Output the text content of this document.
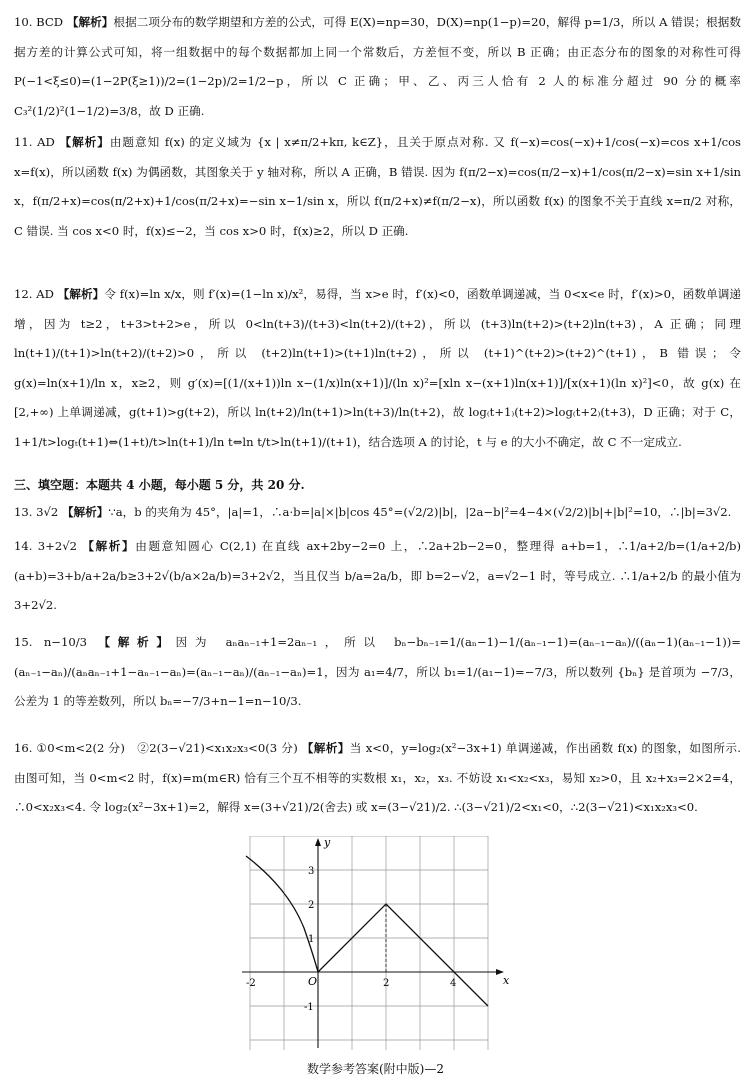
10. BCD 【解析】根据二项分布的数学期望和方差的公式，可得 E(X)=np=30，D(X)=np(1−p)=20，解得 p=1/3，所以 A 错误；根据数据方差的计算公式可知，将一组数据中的每个数据都加上同一个常数后，方差恒不变，所以 B 正确；由正态分布的图象的对称性可得 P(−1<ξ≤0)=(1−2P(ξ≥1))/2=(1−2p)/2=1/2−p，所以 C 正确；甲、乙、丙三人恰有 2 人的标准分超过 90 分的概率 C₃²(1/2)²(1−1/2)=3/8，故 D 正确.
11. AD 【解析】由题意知 f(x) 的定义域为 {x | x≠π/2+kπ, k∈Z}，且关于原点对称. 又 f(−x)=cos(−x)+1/cos(−x)=cos x+1/cos x=f(x)，所以函数 f(x) 为偶函数，其图象关于 y 轴对称，所以 A 正确，B 错误. 因为 f(π/2−x)=cos(π/2−x)+1/cos(π/2−x)=sin x+1/sin x，f(π/2+x)=cos(π/2+x)+1/cos(π/2+x)=−sin x−1/sin x，所以 f(π/2+x)≠f(π/2−x)，所以函数 f(x) 的图象不关于直线 x=π/2 对称，C 错误. 当 cos x<0 时，f(x)≤−2，当 cos x>0 时，f(x)≥2，所以 D 正确.
12. AD 【解析】令 f(x)=ln x/x，则 f′(x)=(1−ln x)/x²，易得，当 x>e 时，f′(x)<0，函数单调递减，当 0<x<e 时，f′(x)>0，函数单调递增，因为 t≥2，t+3>t+2>e，所以 0<ln(t+3)/(t+3)<ln(t+2)/(t+2)，所以 (t+3)ln(t+2)>(t+2)ln(t+3)，A 正确；同理 ln(t+1)/(t+1)>ln(t+2)/(t+2)>0，所以 (t+2)ln(t+1)>(t+1)ln(t+2)，所以 (t+1)^(t+2)>(t+2)^(t+1)，B 错误；令 g(x)=ln(x+1)/ln x，x≥2，则 g′(x)=[(1/(x+1))ln x−(1/x)ln(x+1)]/(ln x)²=[xln x−(x+1)ln(x+1)]/[x(x+1)(ln x)²]<0，故 g(x) 在 [2,+∞) 上单调递减，g(t+1)>g(t+2)，所以 ln(t+2)/ln(t+1)>ln(t+3)/ln(t+2)，故 log₍t+1₎(t+2)>log₍t+2₎(t+3)，D 正确；对于 C，1+1/t>logₜ(t+1)⇔(1+t)/t>ln(t+1)/ln t⇔ln t/t>ln(t+1)/(t+1)，结合选项 A 的讨论，t 与 e 的大小不确定，故 C 不一定成立.
三、填空题：本题共 4 小题，每小题 5 分，共 20 分.
13. 3√2 【解析】∵a，b 的夹角为 45°，|a|=1，∴a·b=|a|×|b|cos 45°=(√2/2)|b|，|2a−b|²=4−4×(√2/2)|b|+|b|²=10，∴|b|=3√2.
14. 3+2√2 【解析】由题意知圆心 C(2,1) 在直线 ax+2by−2=0 上，∴2a+2b−2=0，整理得 a+b=1，∴1/a+2/b=(1/a+2/b)(a+b)=3+b/a+2a/b≥3+2√(b/a×2a/b)=3+2√2，当且仅当 b/a=2a/b，即 b=2−√2，a=√2−1 时，等号成立. ∴1/a+2/b 的最小值为 3+2√2.
15. n−10/3 【解析】因为 aₙaₙ₋₁+1=2aₙ₋₁，所以 bₙ−bₙ₋₁=1/(aₙ−1)−1/(aₙ₋₁−1)=(aₙ₋₁−aₙ)/((aₙ−1)(aₙ₋₁−1))=(aₙ₋₁−aₙ)/(aₙaₙ₋₁+1−aₙ₋₁−aₙ)=(aₙ₋₁−aₙ)/(aₙ₋₁−aₙ)=1，因为 a₁=4/7，所以 b₁=1/(a₁−1)=−7/3，所以数列 {bₙ} 是首项为 −7/3，公差为 1 的等差数列，所以 bₙ=−7/3+n−1=n−10/3.
16. ①0<m<2(2 分)　②2(3−√21)<x₁x₂x₃<0(3 分) 【解析】当 x<0，y=log₂(x²−3x+1) 单调递减，作出函数 f(x) 的图象，如图所示. 由图可知，当 0<m<2 时，f(x)=m(m∈R) 恰有三个互不相等的实数根 x₁，x₂，x₃. 不妨设 x₁<x₂<x₃，易知 x₂>0，且 x₂+x₃=2×2=4，∴0<x₂x₃<4. 令 log₂(x²−3x+1)=2，解得 x=(3+√21)/2(舍去) 或 x=(3−√21)/2. ∴(3−√21)/2<x₁<0，∴2(3−√21)<x₁x₂x₃<0.
x
y
O
-2	2	4
3
2
1
-1
数学参考答案(附中版)—2
